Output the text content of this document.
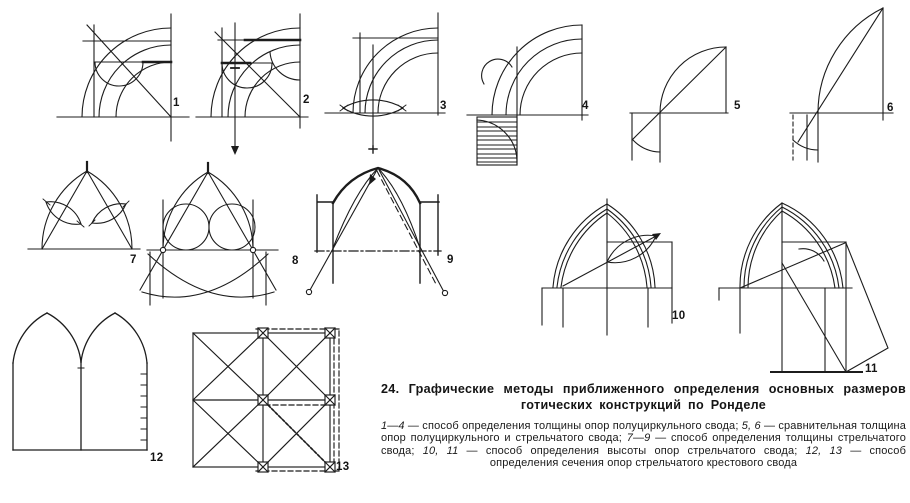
1	2	3	4	5	6
7	8	9
10
11
12
13
24. Графические методы приближенного определения основных размеров готических конструкций по Ронделе
1—4 — способ определения толщины опор полуциркульного свода; 5, 6 — сравнительная толщина опор полуциркульного и стрельчатого свода; 7—9 — способ определения толщины стрельчатого свода; 10, 11 — способ определения высоты опор стрельчатого свода; 12, 13 — способ определения сечения опор стрельчатого крестового свода
